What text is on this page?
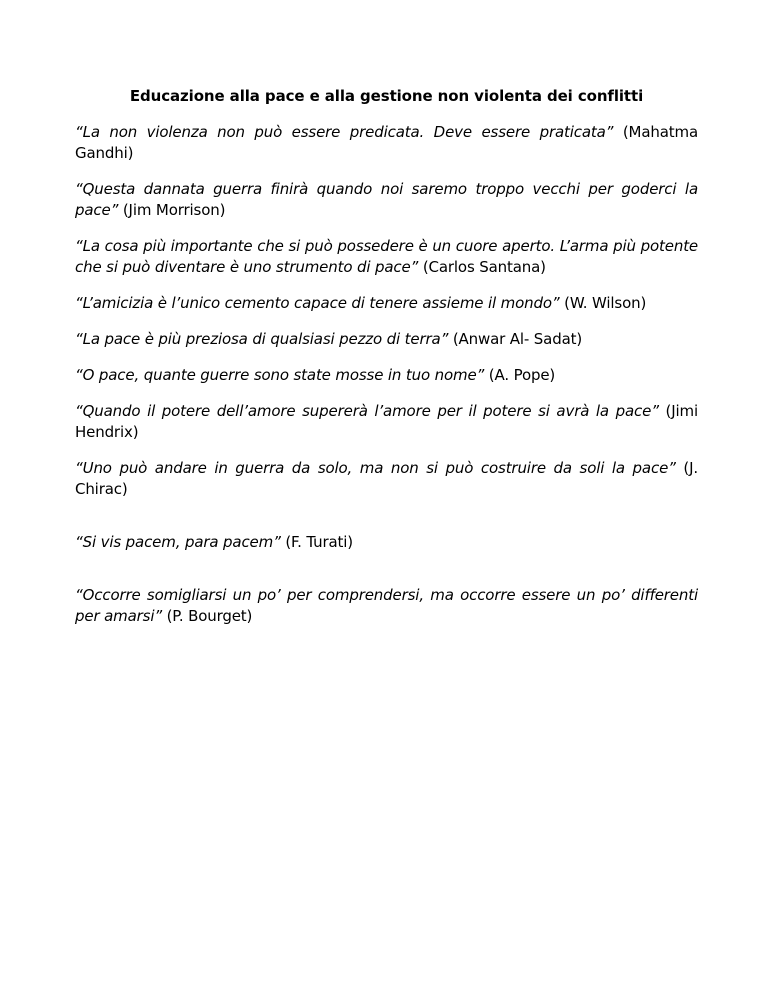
Educazione alla pace e alla gestione non violenta dei conflitti

“La non violenza non può essere predicata. Deve essere praticata” (Mahatma Gandhi)

“Questa dannata guerra finirà quando noi saremo troppo vecchi per goderci la pace” (Jim Morrison)

“La cosa più importante che si può possedere è un cuore aperto. L’arma più potente che si può diventare è uno strumento di pace” (Carlos Santana)

“L’amicizia è l’unico cemento capace di tenere assieme il mondo” (W. Wilson)

“La pace è più preziosa di qualsiasi pezzo di terra” (Anwar Al- Sadat)

“O pace, quante guerre sono state mosse in tuo nome” (A. Pope)

“Quando il potere dell’amore supererà l’amore per il potere si avrà la pace” (Jimi Hendrix)

“Uno può andare in guerra da solo, ma non si può costruire da soli la pace” (J. Chirac)

“Si vis pacem, para pacem” (F. Turati)

“Occorre somigliarsi un po’ per comprendersi, ma occorre essere un po’ differenti per amarsi” (P. Bourget)
